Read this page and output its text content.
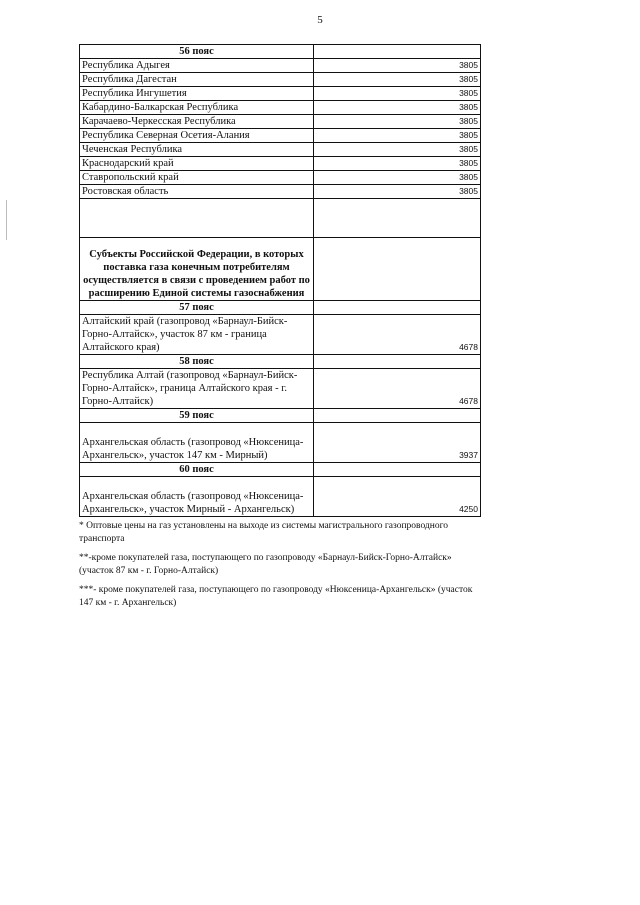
5
56 пояс	
Республика Адыгея	3805
Республика Дагестан	3805
Республика Ингушетия	3805
Кабардино-Балкарская Республика	3805
Карачаево-Черкесская Республика	3805
Республика Северная Осетия-Алания	3805
Чеченская Республика	3805
Краснодарский край	3805
Ставропольский край	3805
Ростовская область	3805

Субъекты Российской Федерации, в которых поставка газа конечным потребителям осуществляется в связи с проведением работ по расширению Единой системы газоснабжения	
57 пояс	
Алтайский край (газопровод «Барнаул-Бийск-Горно-Алтайск», участок 87 км - граница Алтайского края)	4678
58 пояс	
Республика Алтай (газопровод «Барнаул-Бийск-Горно-Алтайск», граница Алтайского края - г. Горно-Алтайск)	4678
59 пояс	
Архангельская область (газопровод «Нюксеница-Архангельск», участок 147 км - Мирный)	3937
60 пояс	
Архангельская область (газопровод «Нюксеница-Архангельск», участок Мирный - Архангельск)	4250

* Оптовые цены на газ установлены на выходе из системы магистрального газопроводного транспорта

**-кроме покупателей газа, поступающего по газопроводу «Барнаул-Бийск-Горно-Алтайск» (участок 87 км - г. Горно-Алтайск)

***- кроме покупателей газа, поступающего по газопроводу «Нюксеница-Архангельск» (участок 147 км - г. Архангельск)
